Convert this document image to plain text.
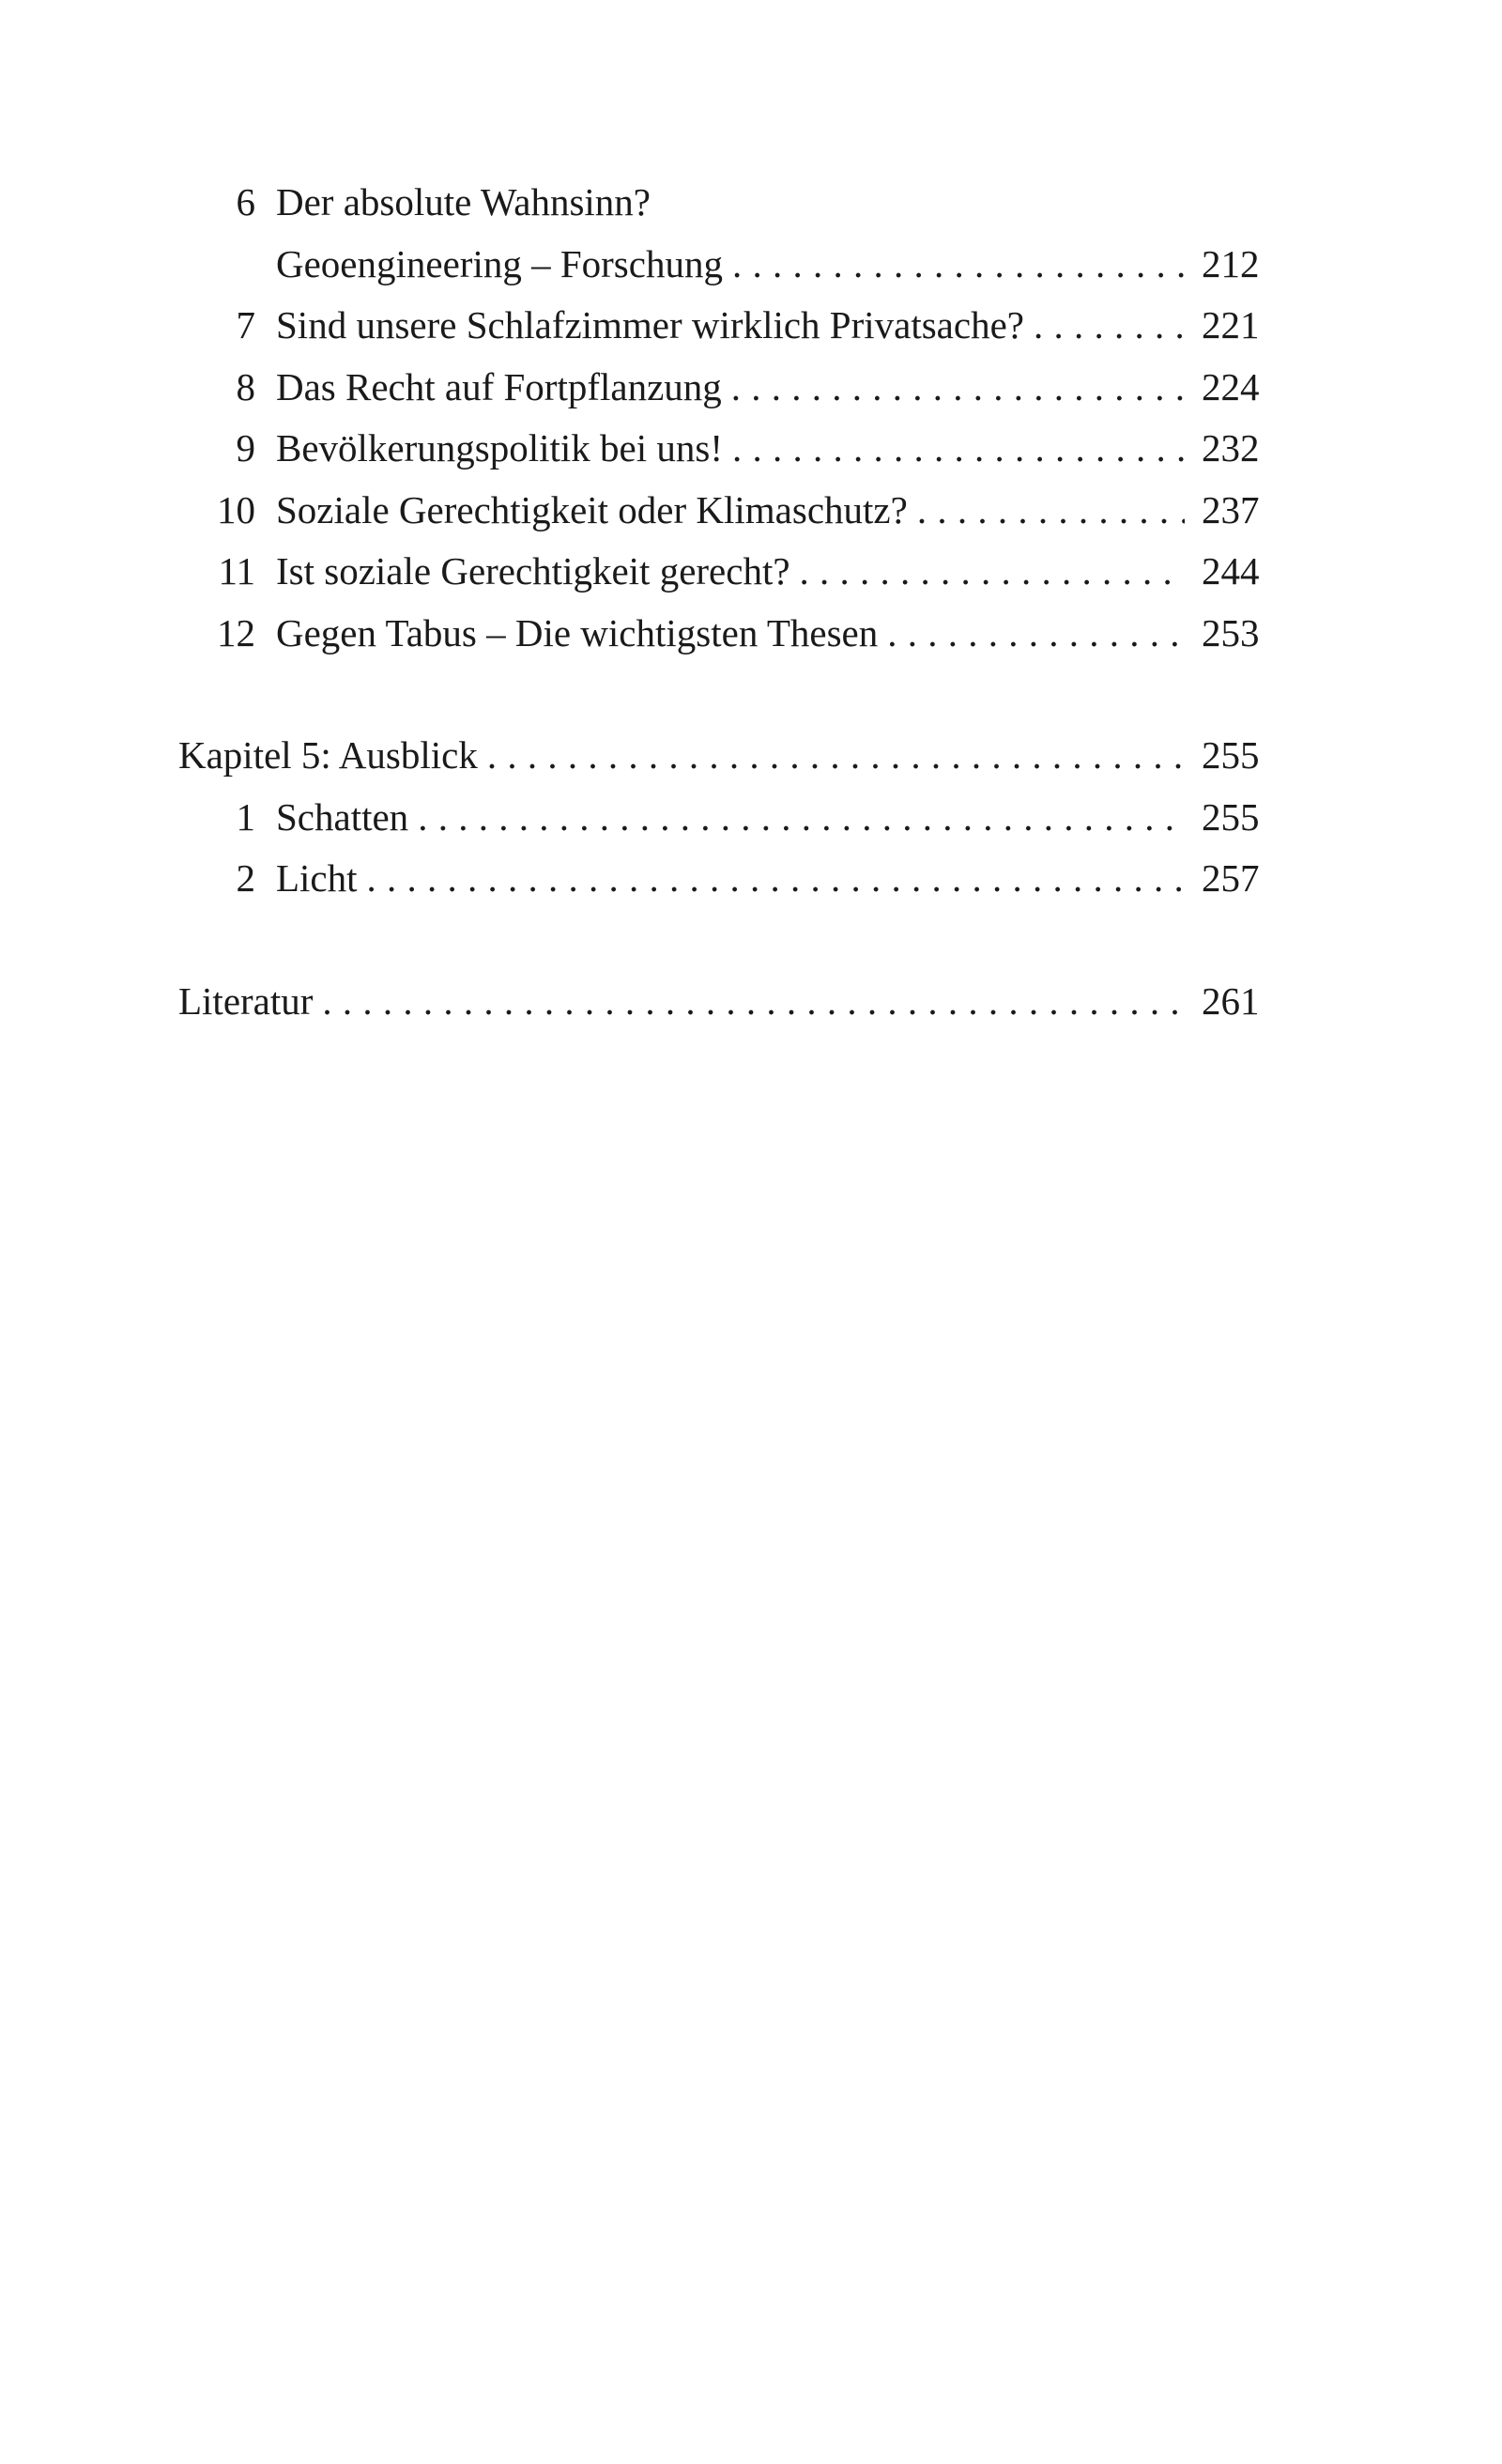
6 Der absolute Wahnsinn?
Geoengineering – Forschung . . .	212
7 Sind unsere Schlafzimmer wirklich Privatsache? . . .	221
8 Das Recht auf Fortpflanzung . . .	224
9 Bevölkerungspolitik bei uns! . . .	232
10 Soziale Gerechtigkeit oder Klimaschutz? . . .	237
11 Ist soziale Gerechtigkeit gerecht? . . .	244
12 Gegen Tabus – Die wichtigsten Thesen . . .	253
Kapitel 5: Ausblick . . .	255
1 Schatten . . .	255
2 Licht . . .	257
Literatur . . .	261
